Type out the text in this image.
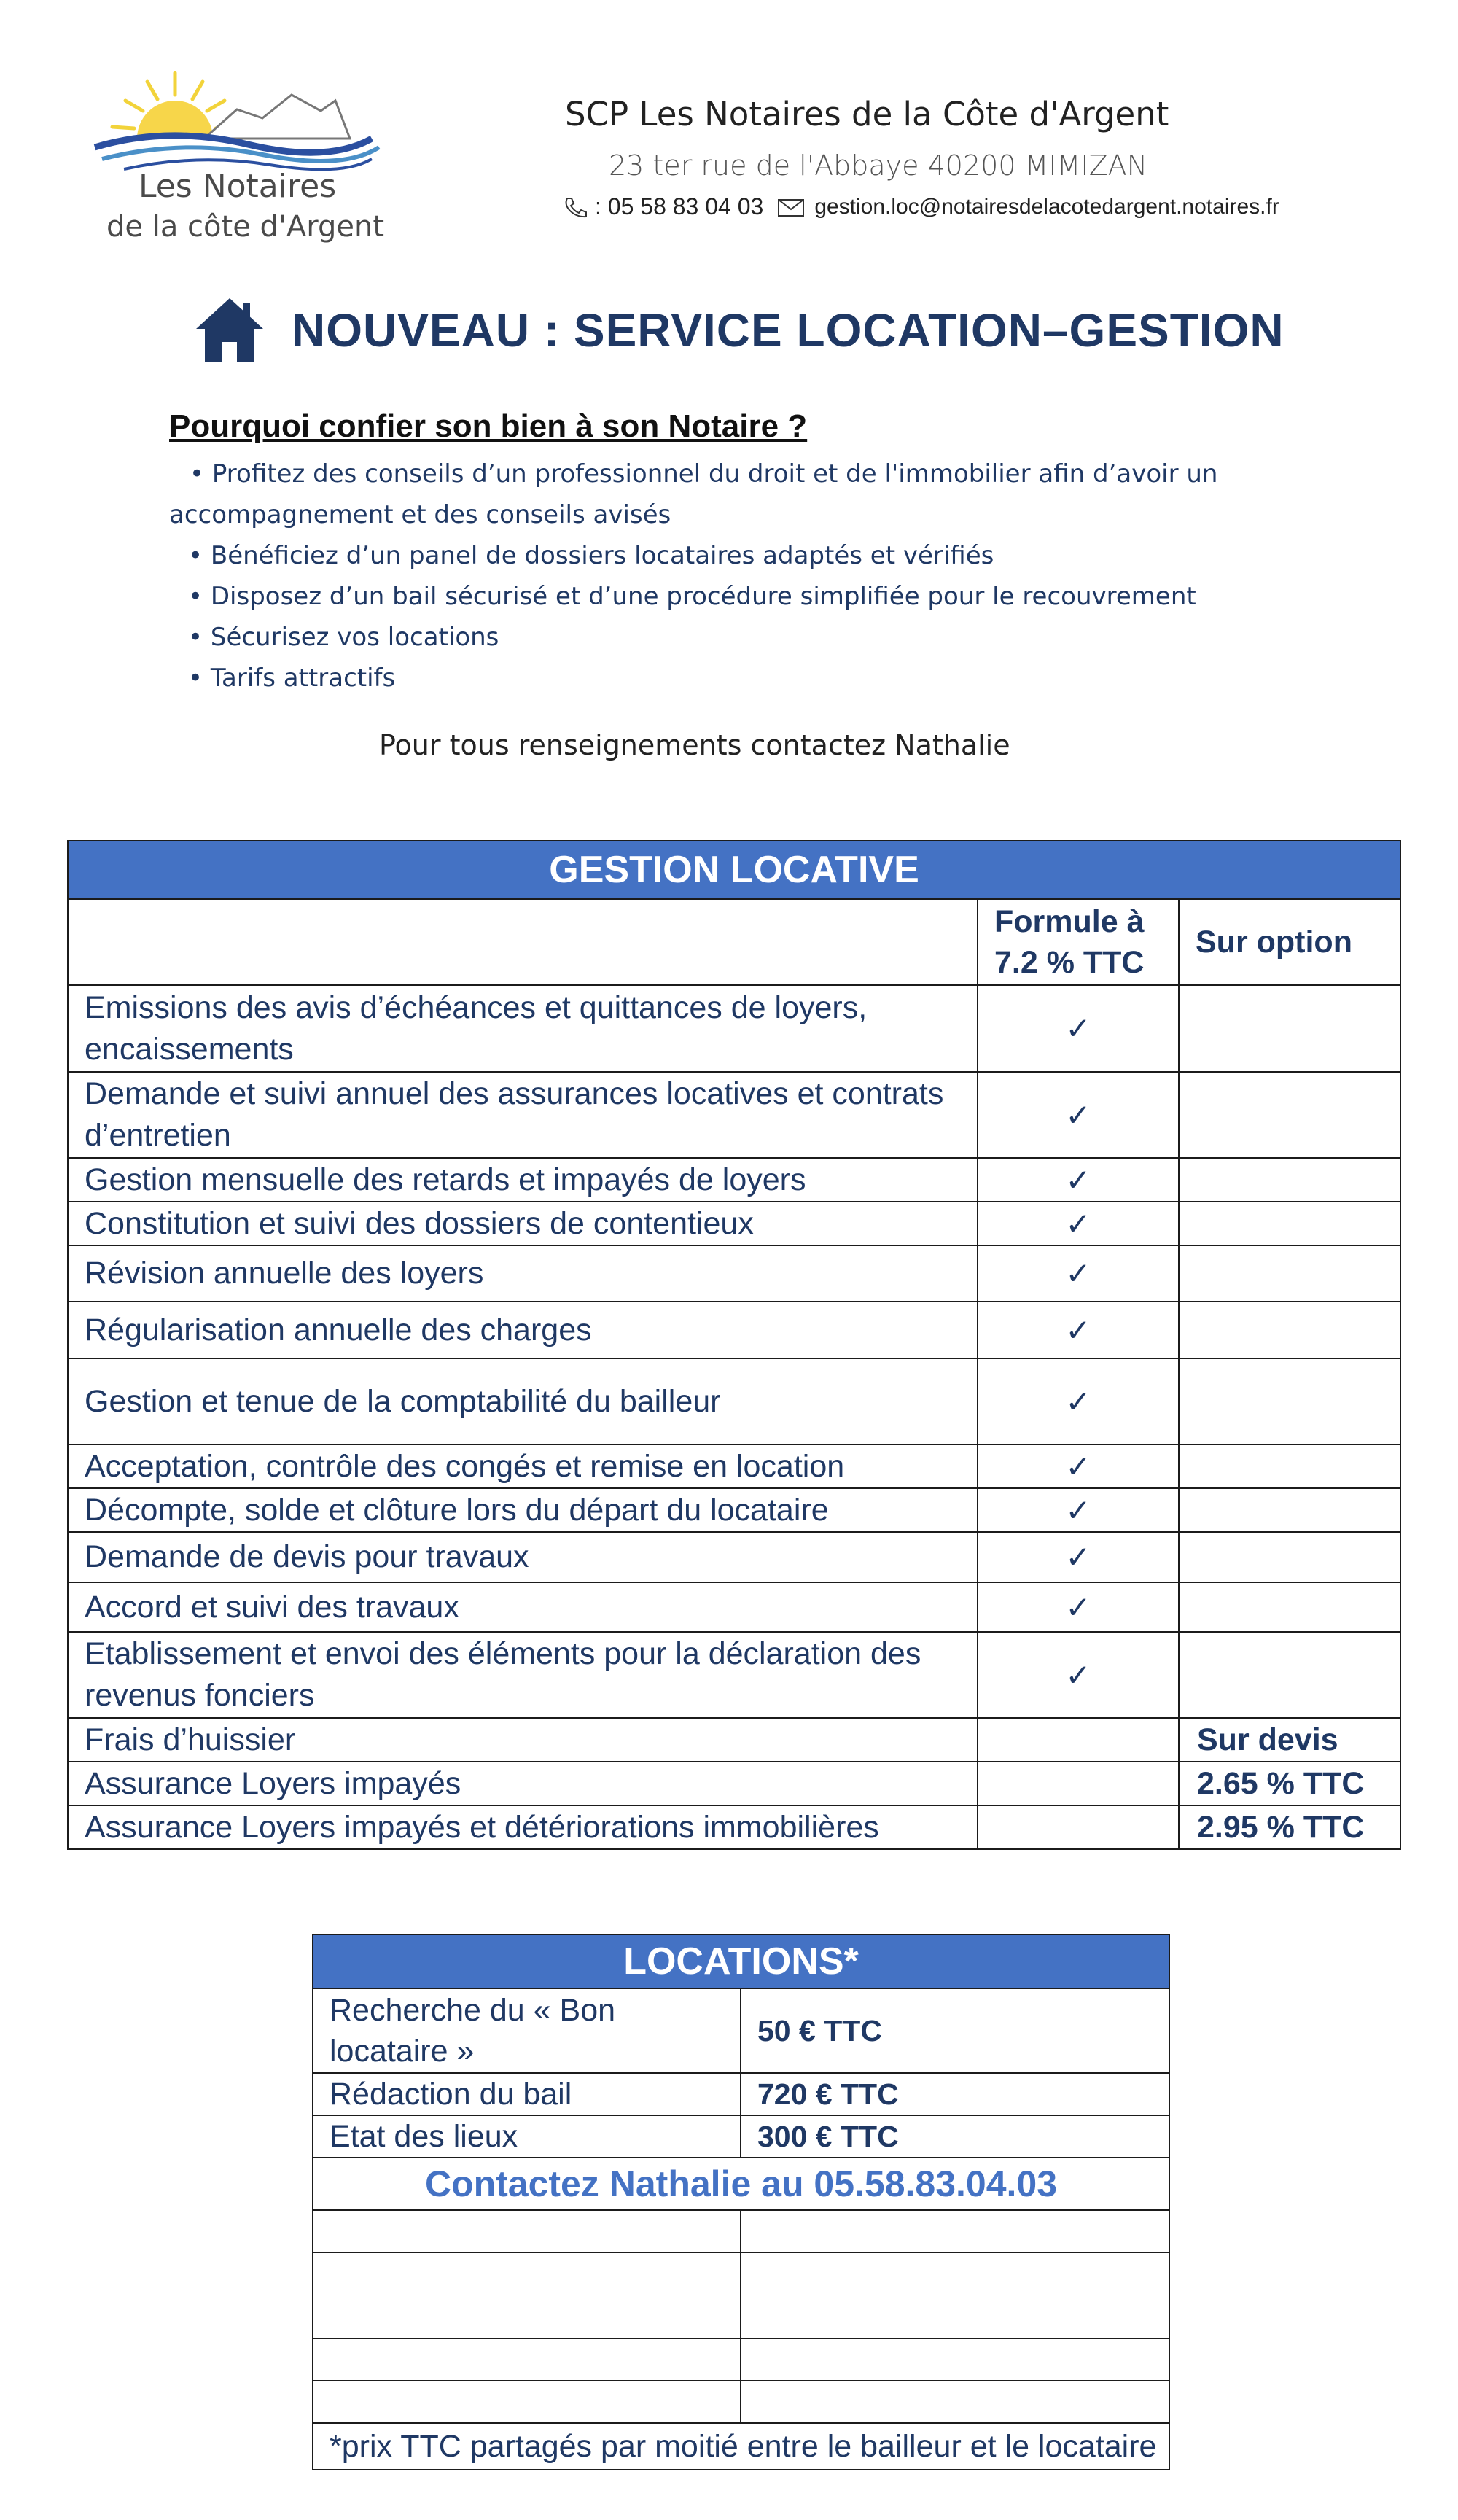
Les Notaires
de la côte d'Argent
SCP Les Notaires de la Côte d'Argent
23 ter rue de l'Abbaye 40200 MIMIZAN
: 05 58 83 04 03 gestion.loc@notairesdelacotedargent.notaires.fr
NOUVEAU : SERVICE LOCATION–GESTION
Pourquoi confier son bien à son Notaire ?
• Profitez des conseils d’un professionnel du droit et de l'immobilier afin d’avoir un
accompagnement et des conseils avisés
• Bénéficiez d’un panel de dossiers locataires adaptés et vérifiés
• Disposez d’un bail sécurisé et d’une procédure simplifiée pour le recouvrement
• Sécurisez vos locations
• Tarifs attractifs
Pour tous renseignements contactez Nathalie
GESTION LOCATIVE		
	Formule à 7.2 % TTC	Sur option
Emissions des avis d’échéances et quittances de loyers, encaissements	✓	
Demande et suivi annuel des assurances locatives et contrats d’entretien	✓	
Gestion mensuelle des retards et impayés de loyers	✓	
Constitution et suivi des dossiers de contentieux	✓	
Révision annuelle des loyers	✓	
Régularisation annuelle des charges	✓	
Gestion et tenue de la comptabilité du bailleur	✓	
Acceptation, contrôle des congés et remise en location	✓	
Décompte, solde et clôture lors du départ du locataire	✓	
Demande de devis pour travaux	✓	
Accord et suivi des travaux	✓	
Etablissement et envoi des éléments pour la déclaration des revenus fonciers	✓	
Frais d’huissier		Sur devis
Assurance Loyers impayés		2.65 % TTC
Assurance Loyers impayés et détériorations immobilières		2.95 % TTC
LOCATIONS*	
Recherche du « Bon locataire »	50 € TTC
Rédaction du bail	720 € TTC
Etat des lieux	300 € TTC
Contactez Nathalie au 05.58.83.04.03	

*prix TTC partagés par moitié entre le bailleur et le locataire	
